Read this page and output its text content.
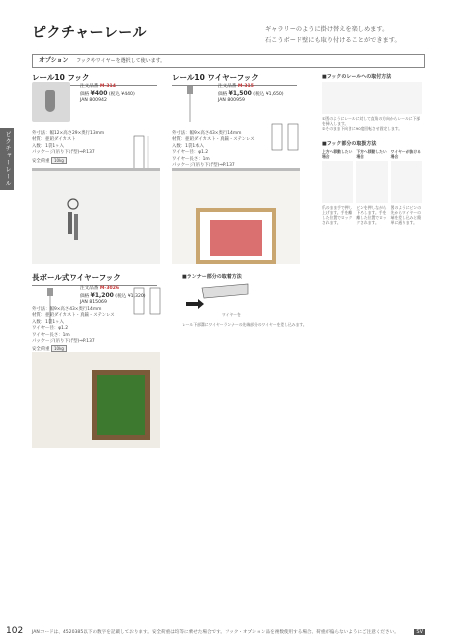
ピクチャーレール	ギャラリーのように掛け替えを楽しめます。
石こうボード壁にも取り付けることができます。
オプション フックやワイヤーを選択して使います。
ピクチャーレール
レール10 フック
注文品番 M-314
価格 ¥400 (税込 ¥440)
JAN 800942
外寸法：幅12×高さ29×奥行13mm
材質：亜鉛ダイカスト
入数：1袋1ヶ入
パッケージ(吊り下げ型)⇒P.137
安全荷重 10kg
レール10 ワイヤーフック
注文品番 M-315
価格 ¥1,500 (税込 ¥1,650)
JAN 800959
外寸法：幅9×高さ43×奥行14mm
材質：亜鉛ダイカスト・真鍮・ステンレス
入数：1袋1本入
ワイヤー径：φ1.2
ワイヤー長さ：1m
パッケージ(吊り下げ型)⇒P.137
■フックのレールへの取付方法
①図のようにレールに対して直角の方向からレールに下部を挿入します。
②そのまま下向きに90度回転させ固定します。
■フック部分の取扱方法
上方へ移動したい場合
爪のまま手で押し上げます。手を離した位置でロックされます。
下方へ移動したい場合
ピンを押しながら下ろします。手を離した位置でロックされます。
ワイヤーが抜ける場合
図のようにピンの先からワイヤーの端を差し込みと簡単に通ります。
長ボール式ワイヤーフック
注文品番 M-3026
価格 ¥1,200 (税込 ¥1,320)
JAN 815069
外寸法：幅9×高さ43×奥行14mm
材質：亜鉛ダイカスト・真鍮・ステンレス
入数：1袋1ヶ入
ワイヤー径：φ1.2
ワイヤー長さ：1m
パッケージ(吊り下げ型)⇒P.137
安全荷重 10kg
■ランナー部分の取着方法
ワイヤーを
レール下部溝にワイヤーランナーの先端部分のワイヤーを差し込みます。
102 JANコードは、4520385以下の数字を記載しております。安全荷重は均等に乗せた場合です。フック・オプション品を複数使用する場合、荷重が偏らないようにご注意ください。	SV
